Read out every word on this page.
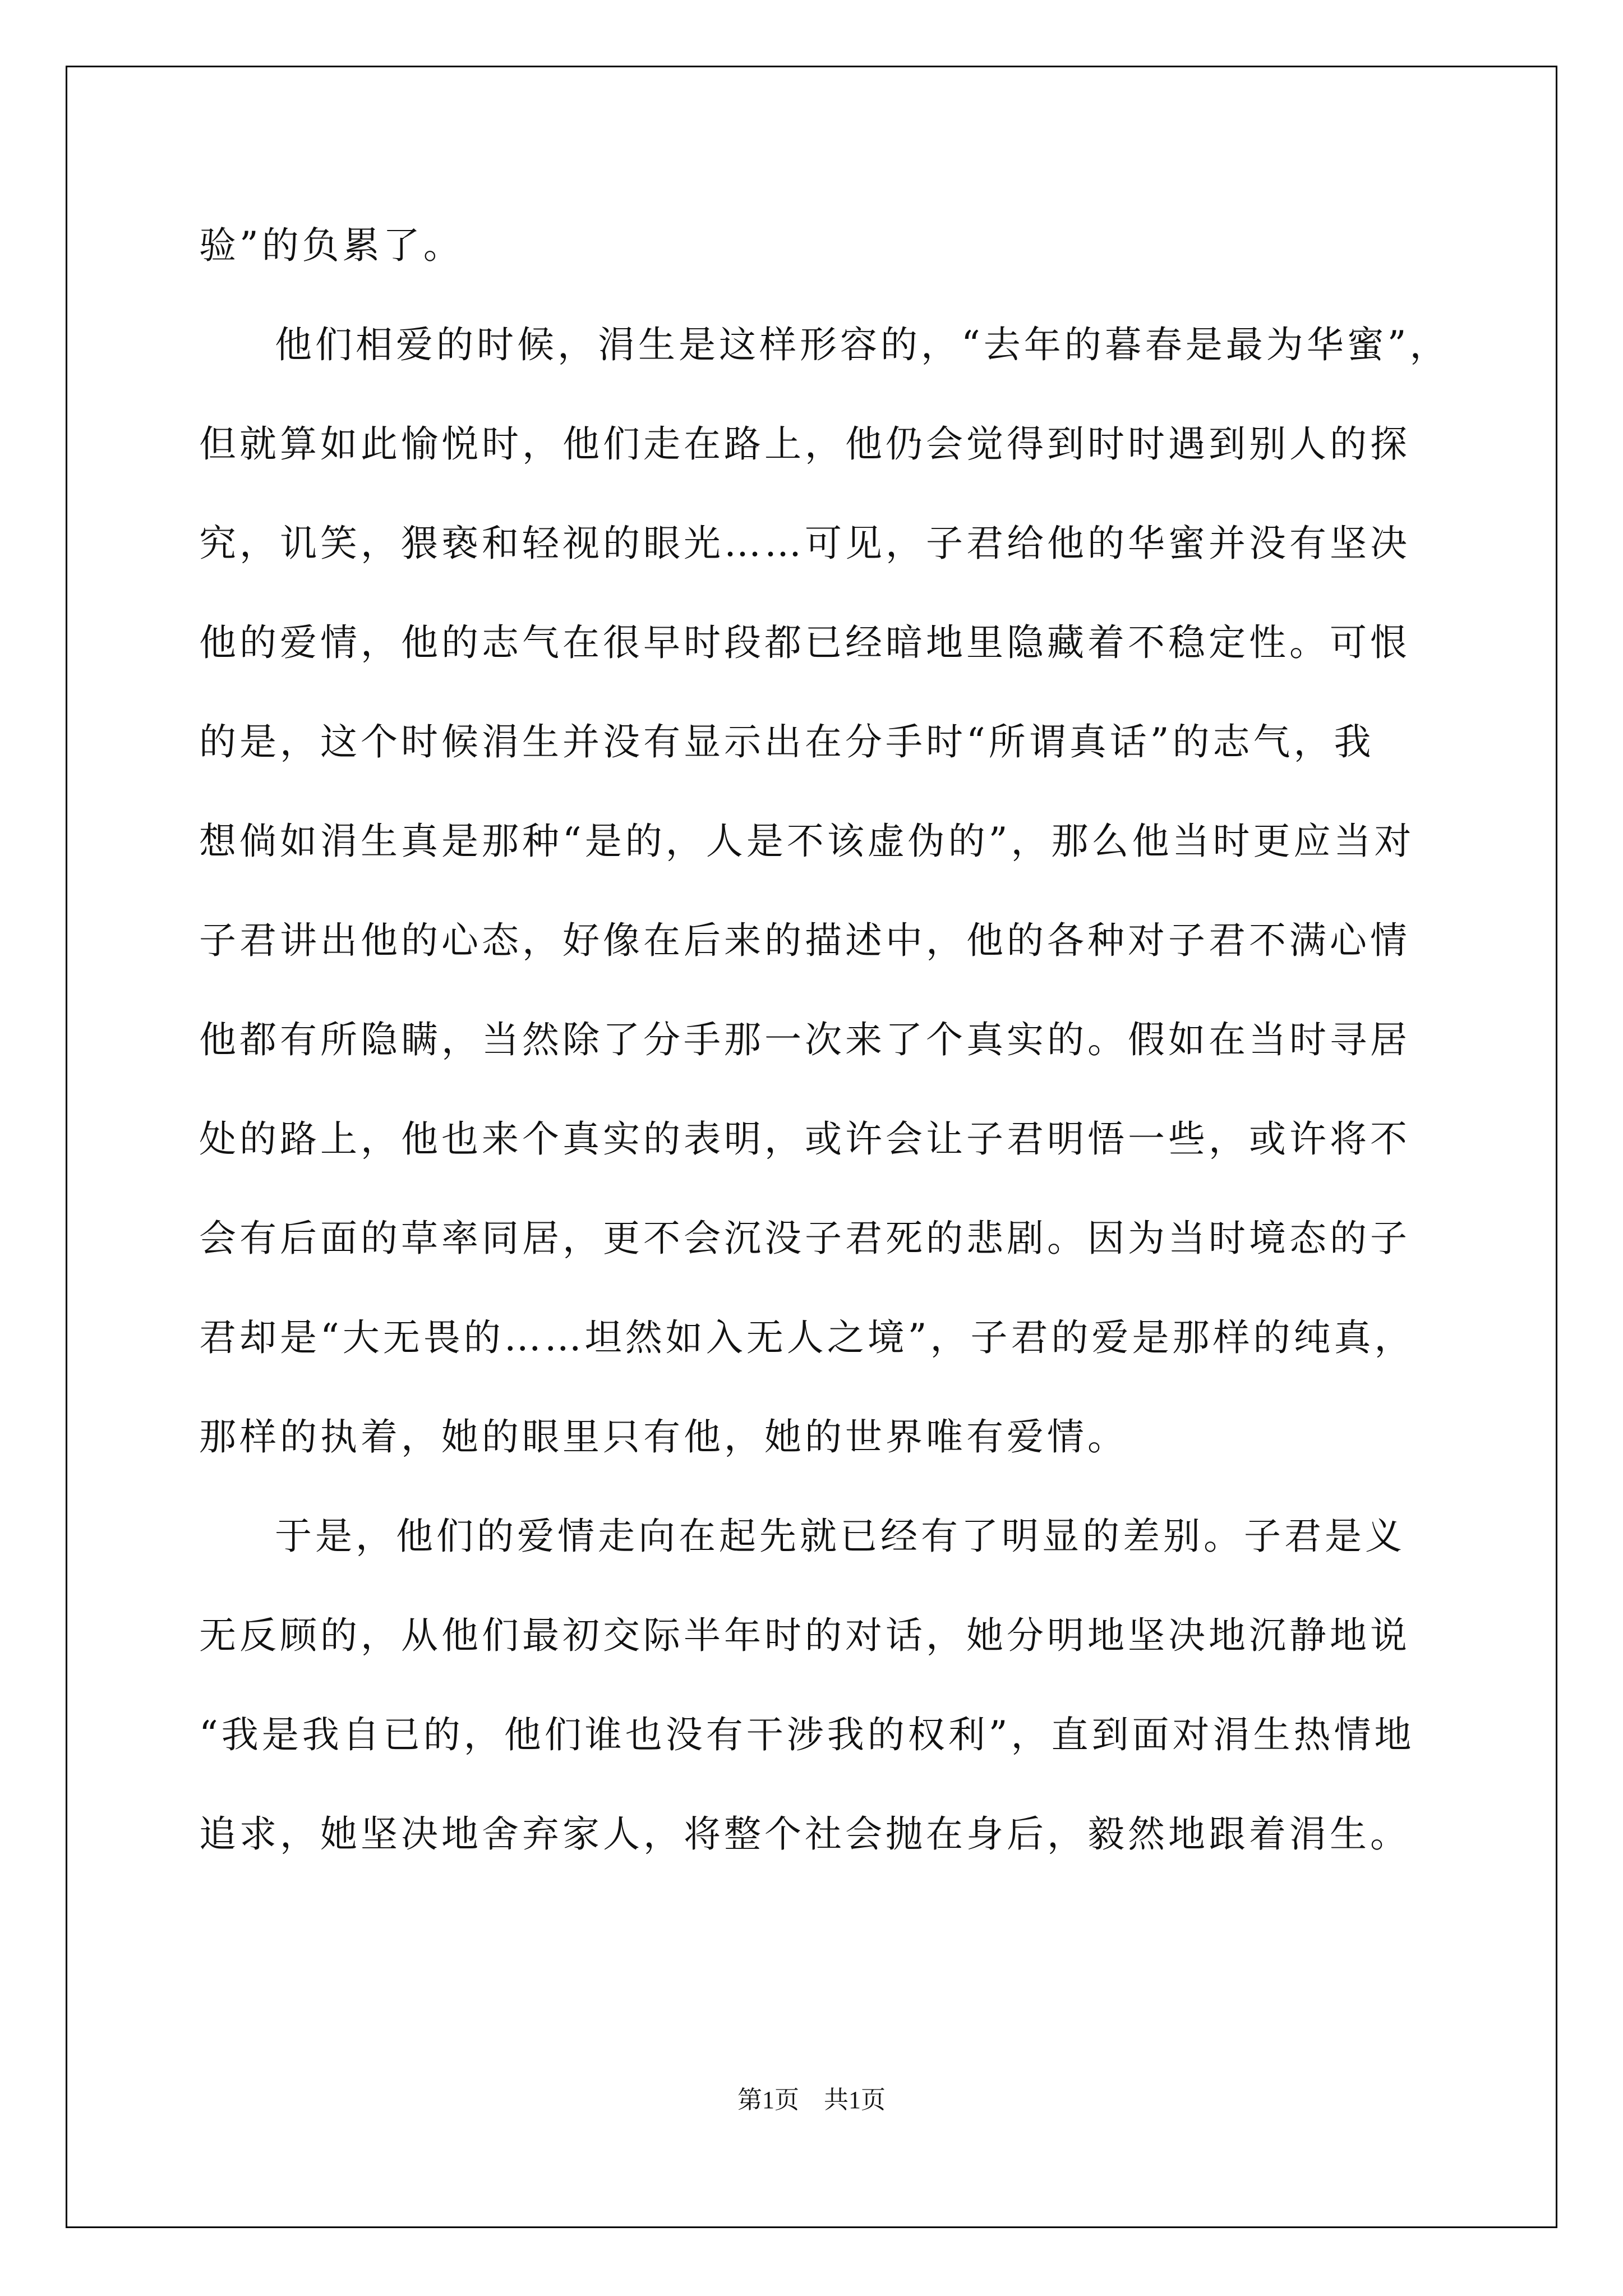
验”的负累了。
他们相爱的时候，涓生是这样形容的，“去年的暮春是最为华蜜”，
但就算如此愉悦时，他们走在路上，他仍会觉得到时时遇到别人的探
究，讥笑，猥亵和轻视的眼光……可见，子君给他的华蜜并没有坚决
他的爱情，他的志气在很早时段都已经暗地里隐藏着不稳定性。可恨
的是，这个时候涓生并没有显示出在分手时“所谓真话”的志气，我
想倘如涓生真是那种“是的，人是不该虚伪的”，那么他当时更应当对
子君讲出他的心态，好像在后来的描述中，他的各种对子君不满心情
他都有所隐瞒，当然除了分手那一次来了个真实的。假如在当时寻居
处的路上，他也来个真实的表明，或许会让子君明悟一些，或许将不
会有后面的草率同居，更不会沉没子君死的悲剧。因为当时境态的子
君却是“大无畏的……坦然如入无人之境”，子君的爱是那样的纯真，
那样的执着，她的眼里只有他，她的世界唯有爱情。
于是，他们的爱情走向在起先就已经有了明显的差别。子君是义
无反顾的，从他们最初交际半年时的对话，她分明地坚决地沉静地说
“我是我自已的，他们谁也没有干涉我的权利”，直到面对涓生热情地
追求，她坚决地舍弃家人，将整个社会抛在身后，毅然地跟着涓生。
第1页　共1页
